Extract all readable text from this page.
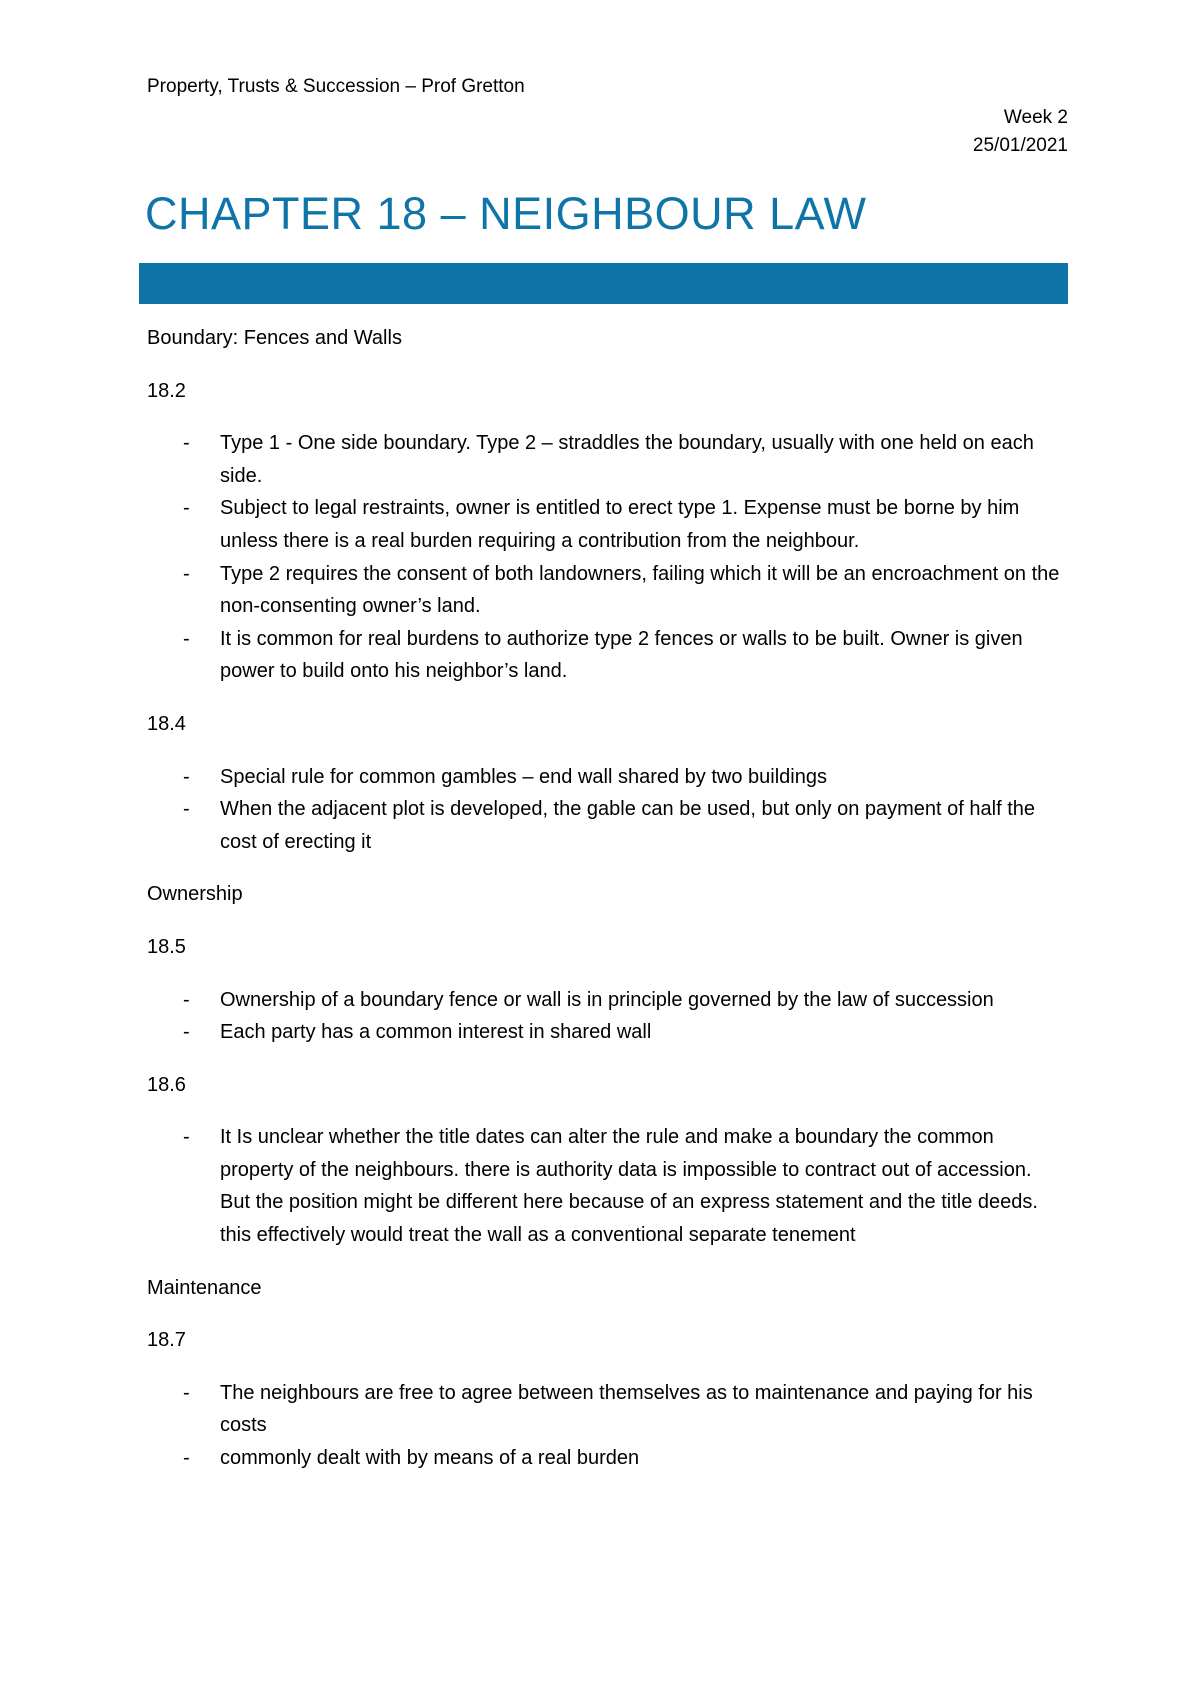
Property, Trusts & Succession – Prof Gretton
Week 2
25/01/2021
CHAPTER 18 – NEIGHBOUR LAW
Boundary: Fences and Walls
18.2
- Type 1 - One side boundary. Type 2 – straddles the boundary, usually with one held on each side.
- Subject to legal restraints, owner is entitled to erect type 1. Expense must be borne by him unless there is a real burden requiring a contribution from the neighbour.
- Type 2 requires the consent of both landowners, failing which it will be an encroachment on the non-consenting owner’s land.
- It is common for real burdens to authorize type 2 fences or walls to be built. Owner is given power to build onto his neighbor’s land.
18.4
- Special rule for common gambles – end wall shared by two buildings
- When the adjacent plot is developed, the gable can be used, but only on payment of half the cost of erecting it
Ownership
18.5
- Ownership of a boundary fence or wall is in principle governed by the law of succession
- Each party has a common interest in shared wall
18.6
- It Is unclear whether the title dates can alter the rule and make a boundary the common property of the neighbours. there is authority data is impossible to contract out of accession. But the position might be different here because of an express statement and the title deeds. this effectively would treat the wall as a conventional separate tenement
Maintenance
18.7
- The neighbours are free to agree between themselves as to maintenance and paying for his costs
- commonly dealt with by means of a real burden
